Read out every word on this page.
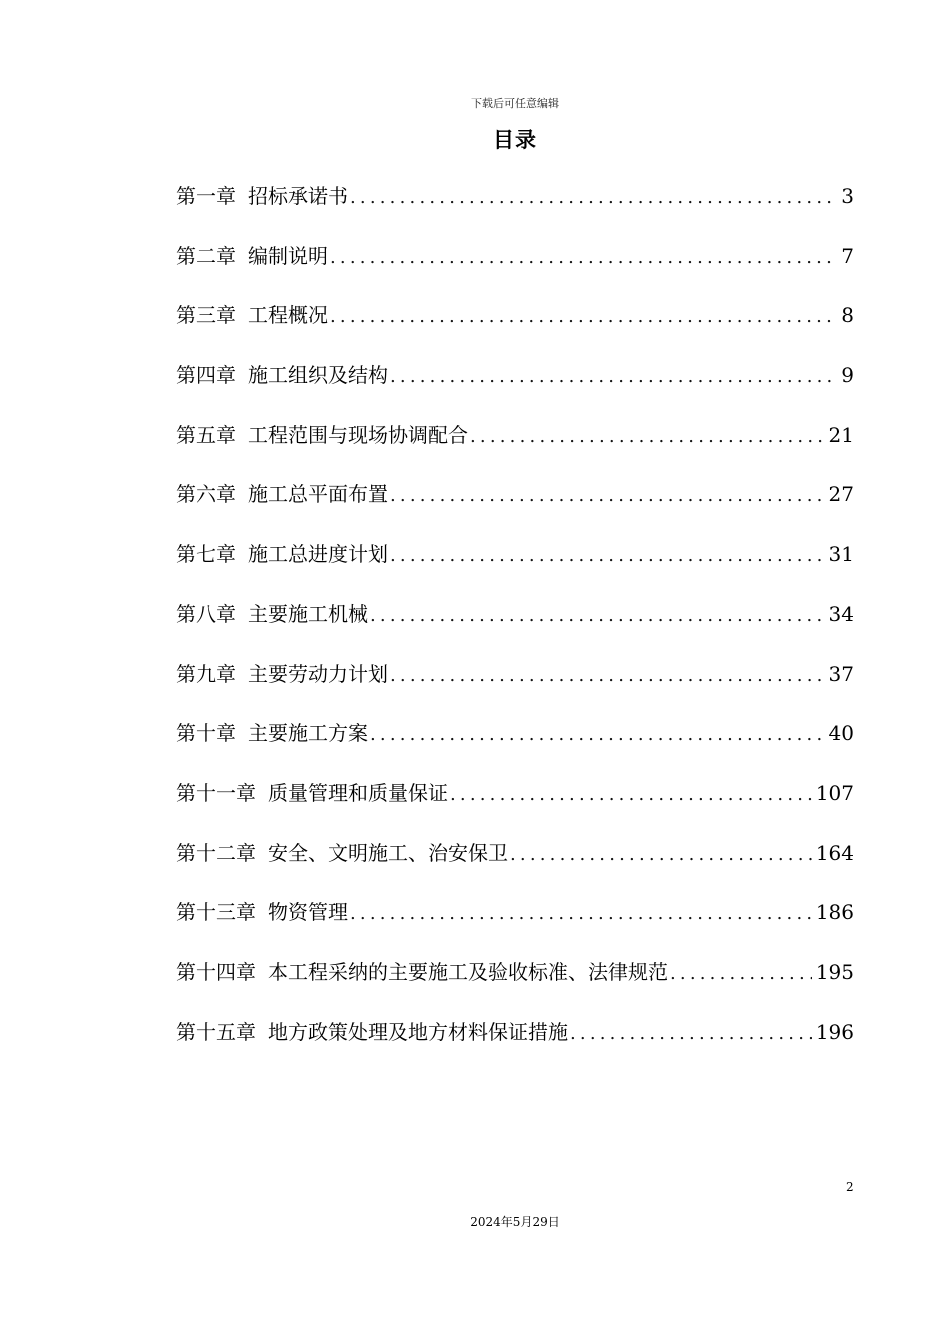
下载后可任意编辑
目录
第一章 招标承诺书 .....	3
第二章 编制说明 .....	7
第三章 工程概况 .....	8
第四章 施工组织及结构 .....	9
第五章 工程范围与现场协调配合 .....	21
第六章 施工总平面布置 .....	27
第七章 施工总进度计划 .....	31
第八章 主要施工机械 .....	34
第九章 主要劳动力计划 .....	37
第十章 主要施工方案 .....	40
第十一章 质量管理和质量保证 .....	107
第十二章 安全、文明施工、治安保卫 .....	164
第十三章 物资管理 .....	186
第十四章 本工程采纳的主要施工及验收标准、法律规范 .....	195
第十五章 地方政策处理及地方材料保证措施 .....	196
2
2024年5月29日
